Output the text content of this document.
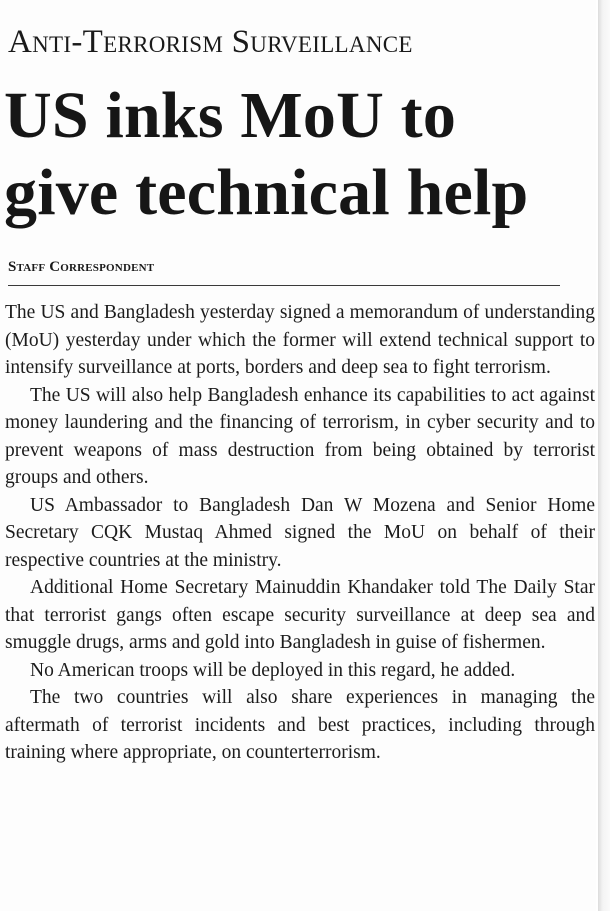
Anti-Terrorism Surveillance
US inks MoU to
give technical help
Staff Correspondent

The US and Bangladesh yesterday signed a memorandum of understanding (MoU) yesterday under which the former will extend technical support to intensify surveillance at ports, borders and deep sea to fight terrorism.

The US will also help Bangladesh enhance its capabilities to act against money laundering and the financing of terrorism, in cyber security and to prevent weapons of mass destruction from being obtained by terrorist groups and others.

US Ambassador to Bangladesh Dan W Mozena and Senior Home Secretary CQK Mustaq Ahmed signed the MoU on behalf of their respective countries at the ministry.

Additional Home Secretary Mainuddin Khandaker told The Daily Star that terrorist gangs often escape security surveillance at deep sea and smuggle drugs, arms and gold into Bangladesh in guise of fishermen.

No American troops will be deployed in this regard, he added.

The two countries will also share experiences in managing the aftermath of terrorist incidents and best practices, including through training where appropriate, on counterterrorism.
